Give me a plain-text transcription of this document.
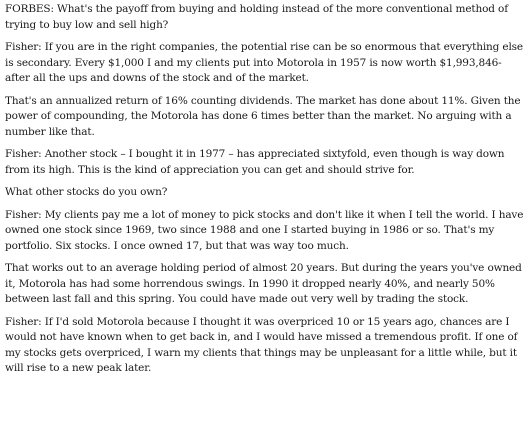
FORBES: What's the payoff from buying and holding instead of the more conventional method of trying to buy low and sell high?

Fisher: If you are in the right companies, the potential rise can be so enormous that everything else is secondary. Every $1,000 I and my clients put into Motorola in 1957 is now worth $1,993,846-after all the ups and downs of the stock and of the market.

That's an annualized return of 16% counting dividends. The market has done about 11%. Given the power of compounding, the Motorola has done 6 times better than the market. No arguing with a number like that.

Fisher: Another stock – I bought it in 1977 – has appreciated sixtyfold, even though is way down from its high. This is the kind of appreciation you can get and should strive for.

What other stocks do you own?

Fisher: My clients pay me a lot of money to pick stocks and don't like it when I tell the world. I have owned one stock since 1969, two since 1988 and one I started buying in 1986 or so. That's my portfolio. Six stocks. I once owned 17, but that was way too much.

That works out to an average holding period of almost 20 years. But during the years you've owned it, Motorola has had some horrendous swings. In 1990 it dropped nearly 40%, and nearly 50% between last fall and this spring. You could have made out very well by trading the stock.

Fisher: If I'd sold Motorola because I thought it was overpriced 10 or 15 years ago, chances are I would not have known when to get back in, and I would have missed a tremendous profit. If one of my stocks gets overpriced, I warn my clients that things may be unpleasant for a little while, but it will rise to a new peak later.
